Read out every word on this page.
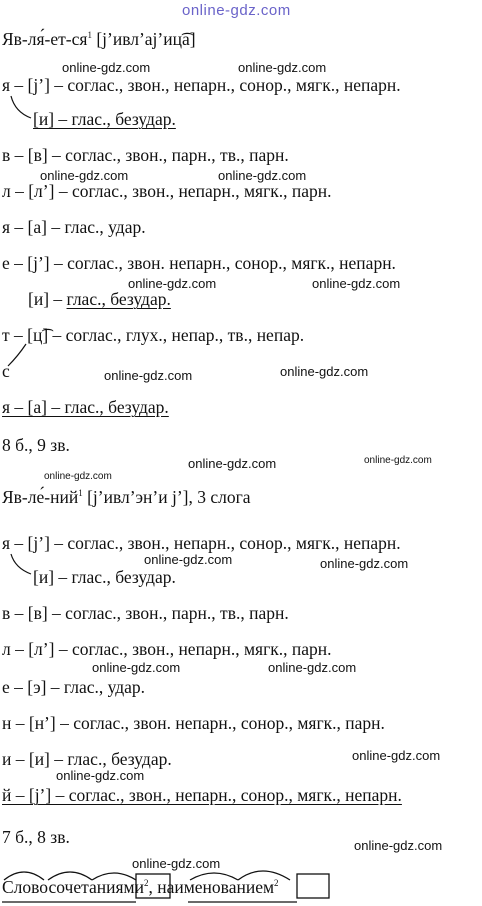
online-gdz.com
$Яв-ля́-ет-ся^1$ [j’ивл’аj’иц͡а]
online-gdz.com	online-gdz.com
я – [j’] – соглас., звон., непарн., сонор., мягк., непарн.
[и] – глас., безудар.
в – [в] – соглас., звон., парн., тв., парн.
online-gdz.com	online-gdz.com
л – [л’] – соглас., звон., непарн., мягк., парн.
я – [а] – глас., удар.
е – [j’] – соглас., звон. непарн., сонор., мягк., непарн.
online-gdz.com	online-gdz.com
[и] – глас., безудар.
т – [ц͡] – соглас., глух., непар., тв., непар.
с	online-gdz.com	online-gdz.com
я – [а] – глас., безудар.
8 б., 9 зв.
online-gdz.com
online-gdz.com
online-gdz.com
Яв-ле́-ний$^1$ [j’ивл’эн’и j’], 3 слога
я – [j’] – соглас., звон., непарн., сонор., мягк., непарн.
online-gdz.com	online-gdz.com
[и] – глас., безудар.
в – [в] – соглас., звон., парн., тв., парн.
л – [л’] – соглас., звон., непарн., мягк., парн.
online-gdz.com	online-gdz.com
е – [э] – глас., удар.
н – [н’] – соглас., звон. непарн., сонор., мягк., парн.
online-gdz.com
и – [и] – глас., безудар.
online-gdz.com
й – [j’] – соглас., звон., непарн., сонор., мягк., непарн.
7 б., 8 зв.	online-gdz.com
online-gdz.com
Словосочетаниями$^2$, наименованием$^2$
